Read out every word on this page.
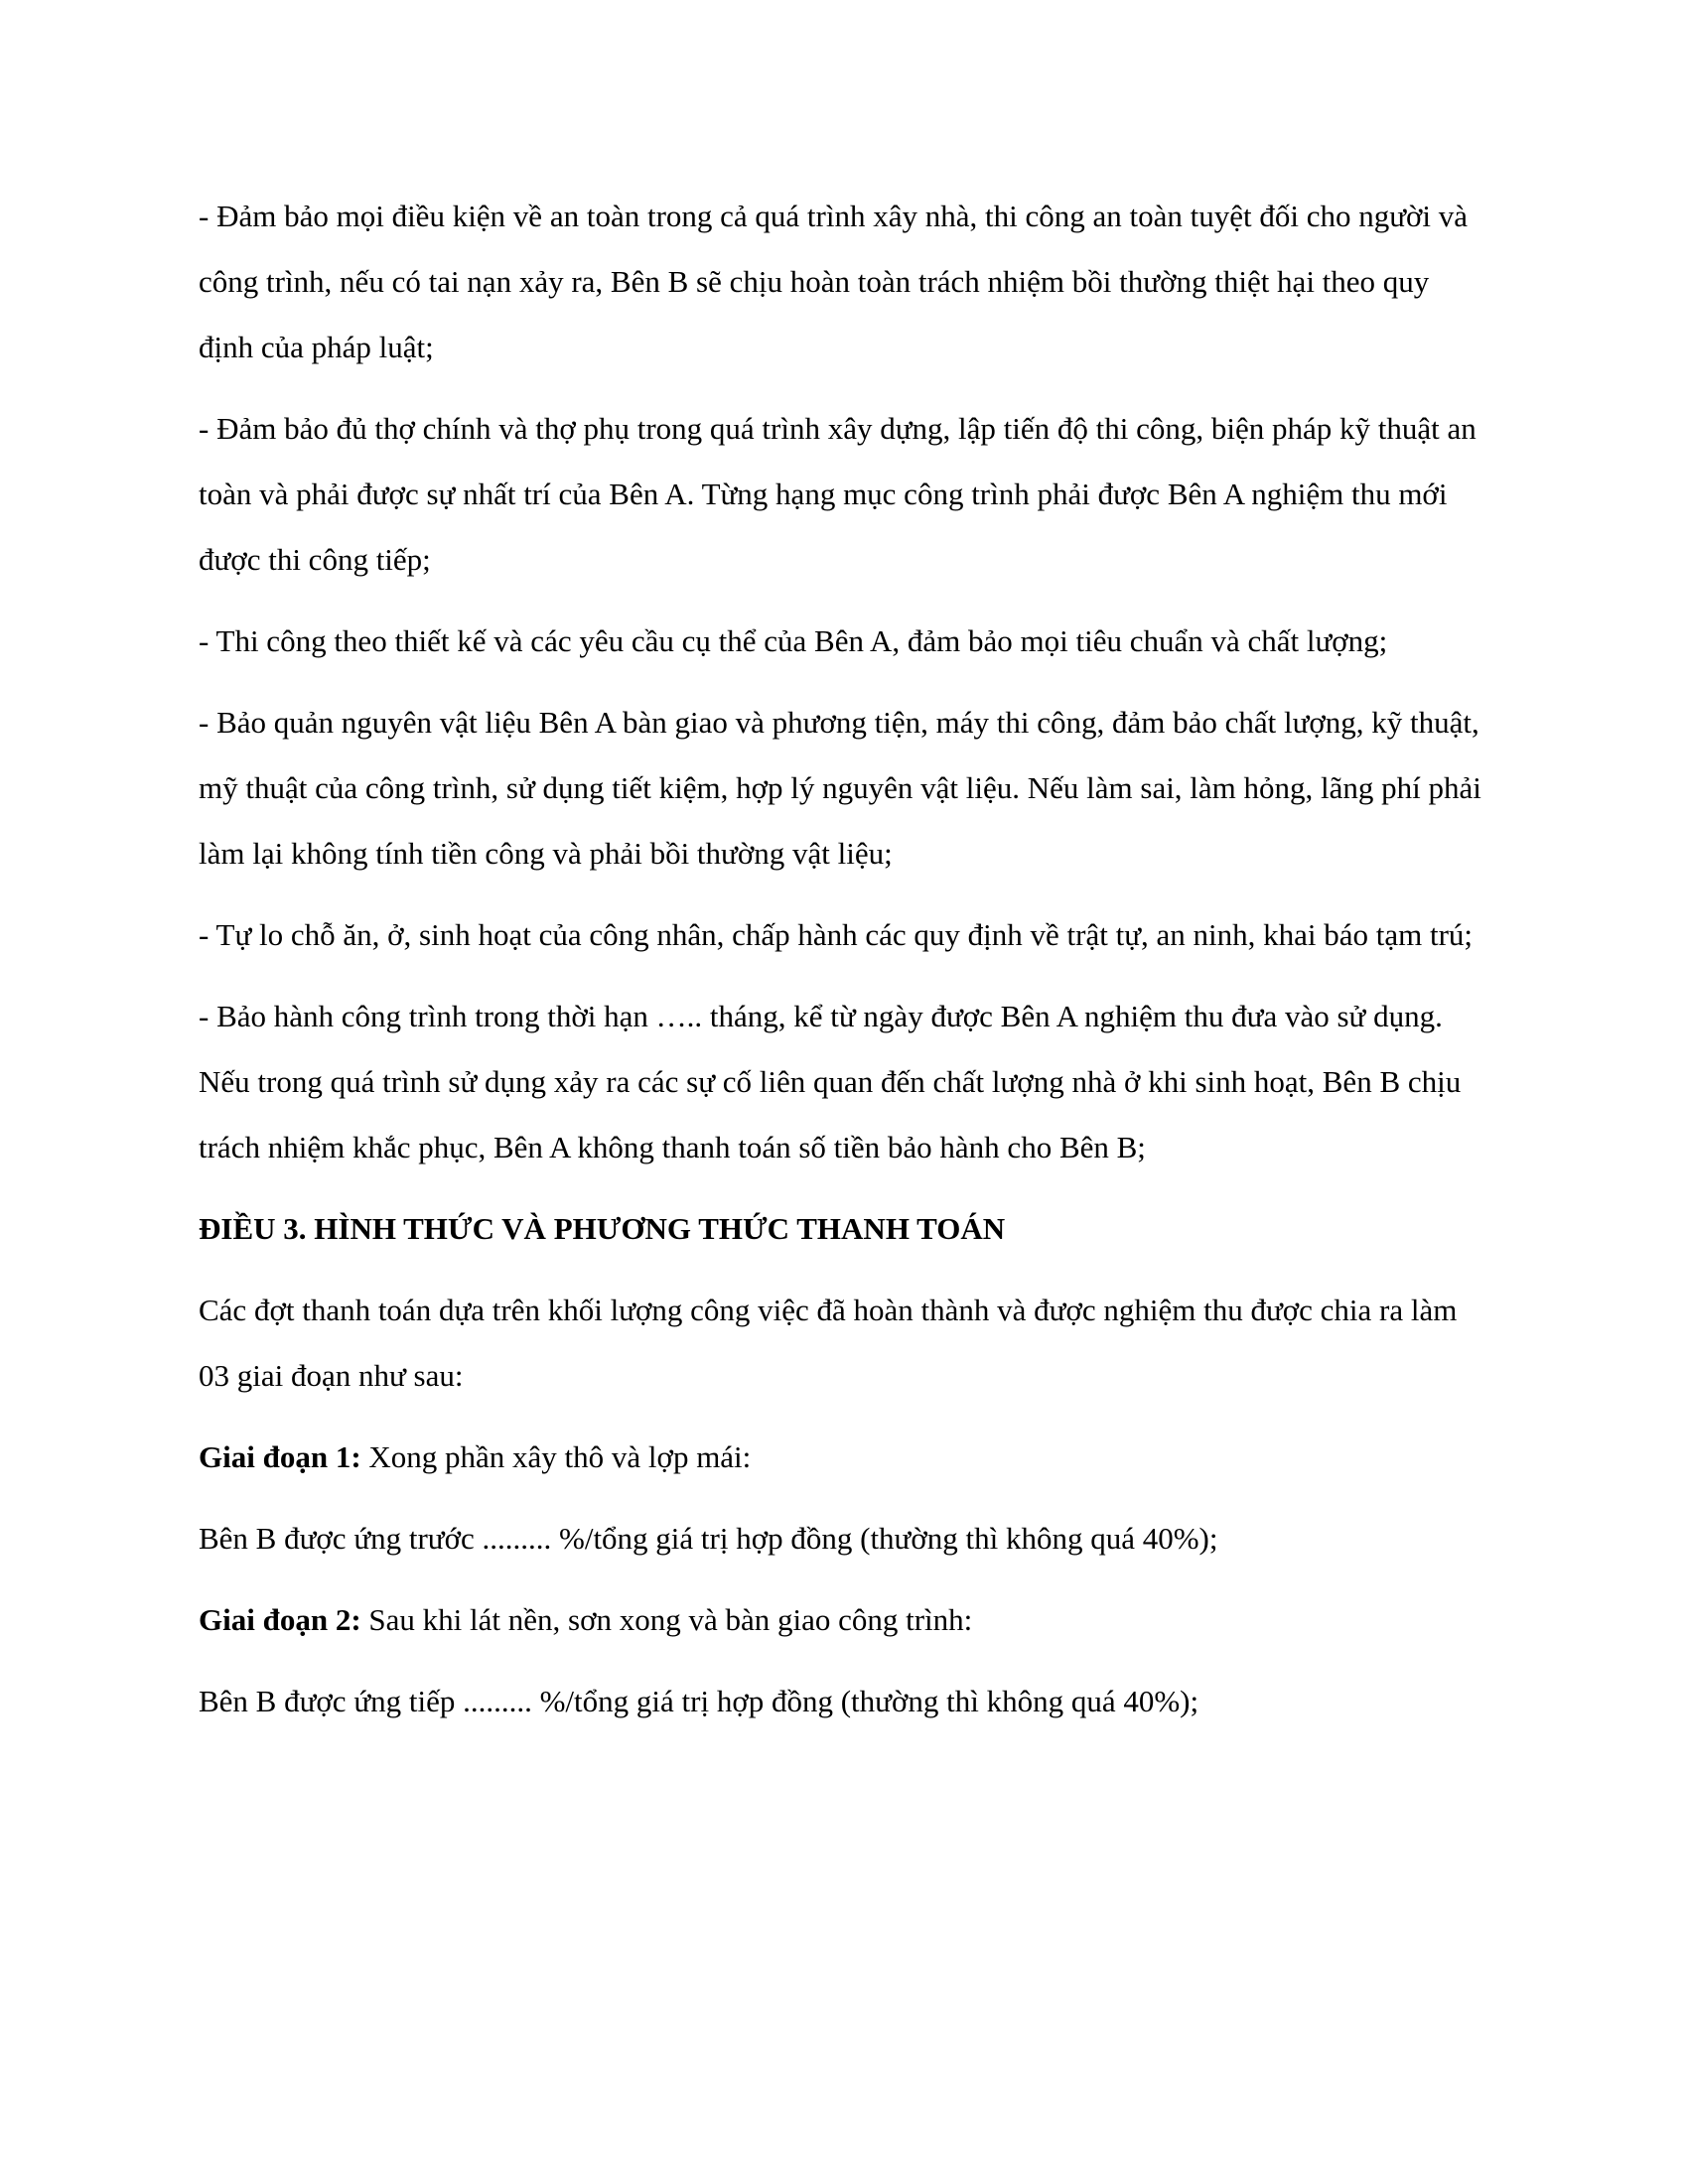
- Đảm bảo mọi điều kiện về an toàn trong cả quá trình xây nhà, thi công an toàn tuyệt đối cho người và công trình, nếu có tai nạn xảy ra, Bên B sẽ chịu hoàn toàn trách nhiệm bồi thường thiệt hại theo quy định của pháp luật;

- Đảm bảo đủ thợ chính và thợ phụ trong quá trình xây dựng, lập tiến độ thi công, biện pháp kỹ thuật an toàn và phải được sự nhất trí của Bên A. Từng hạng mục công trình phải được Bên A nghiệm thu mới được thi công tiếp;

- Thi công theo thiết kế và các yêu cầu cụ thể của Bên A, đảm bảo mọi tiêu chuẩn và chất lượng;

- Bảo quản nguyên vật liệu Bên A bàn giao và phương tiện, máy thi công, đảm bảo chất lượng, kỹ thuật, mỹ thuật của công trình, sử dụng tiết kiệm, hợp lý nguyên vật liệu. Nếu làm sai, làm hỏng, lãng phí phải làm lại không tính tiền công và phải bồi thường vật liệu;

- Tự lo chỗ ăn, ở, sinh hoạt của công nhân, chấp hành các quy định về trật tự, an ninh, khai báo tạm trú;

- Bảo hành công trình trong thời hạn ….. tháng, kể từ ngày được Bên A nghiệm thu đưa vào sử dụng. Nếu trong quá trình sử dụng xảy ra các sự cố liên quan đến chất lượng nhà ở khi sinh hoạt, Bên B chịu trách nhiệm khắc phục, Bên A không thanh toán số tiền bảo hành cho Bên B;

ĐIỀU 3. HÌNH THỨC VÀ PHƯƠNG THỨC THANH TOÁN

Các đợt thanh toán dựa trên khối lượng công việc đã hoàn thành và được nghiệm thu được chia ra làm 03 giai đoạn như sau:

Giai đoạn 1: Xong phần xây thô và lợp mái:

Bên B được ứng trước ......... %/tổng giá trị hợp đồng (thường thì không quá 40%);

Giai đoạn 2: Sau khi lát nền, sơn xong và bàn giao công trình:

Bên B được ứng tiếp ......... %/tổng giá trị hợp đồng (thường thì không quá 40%);
